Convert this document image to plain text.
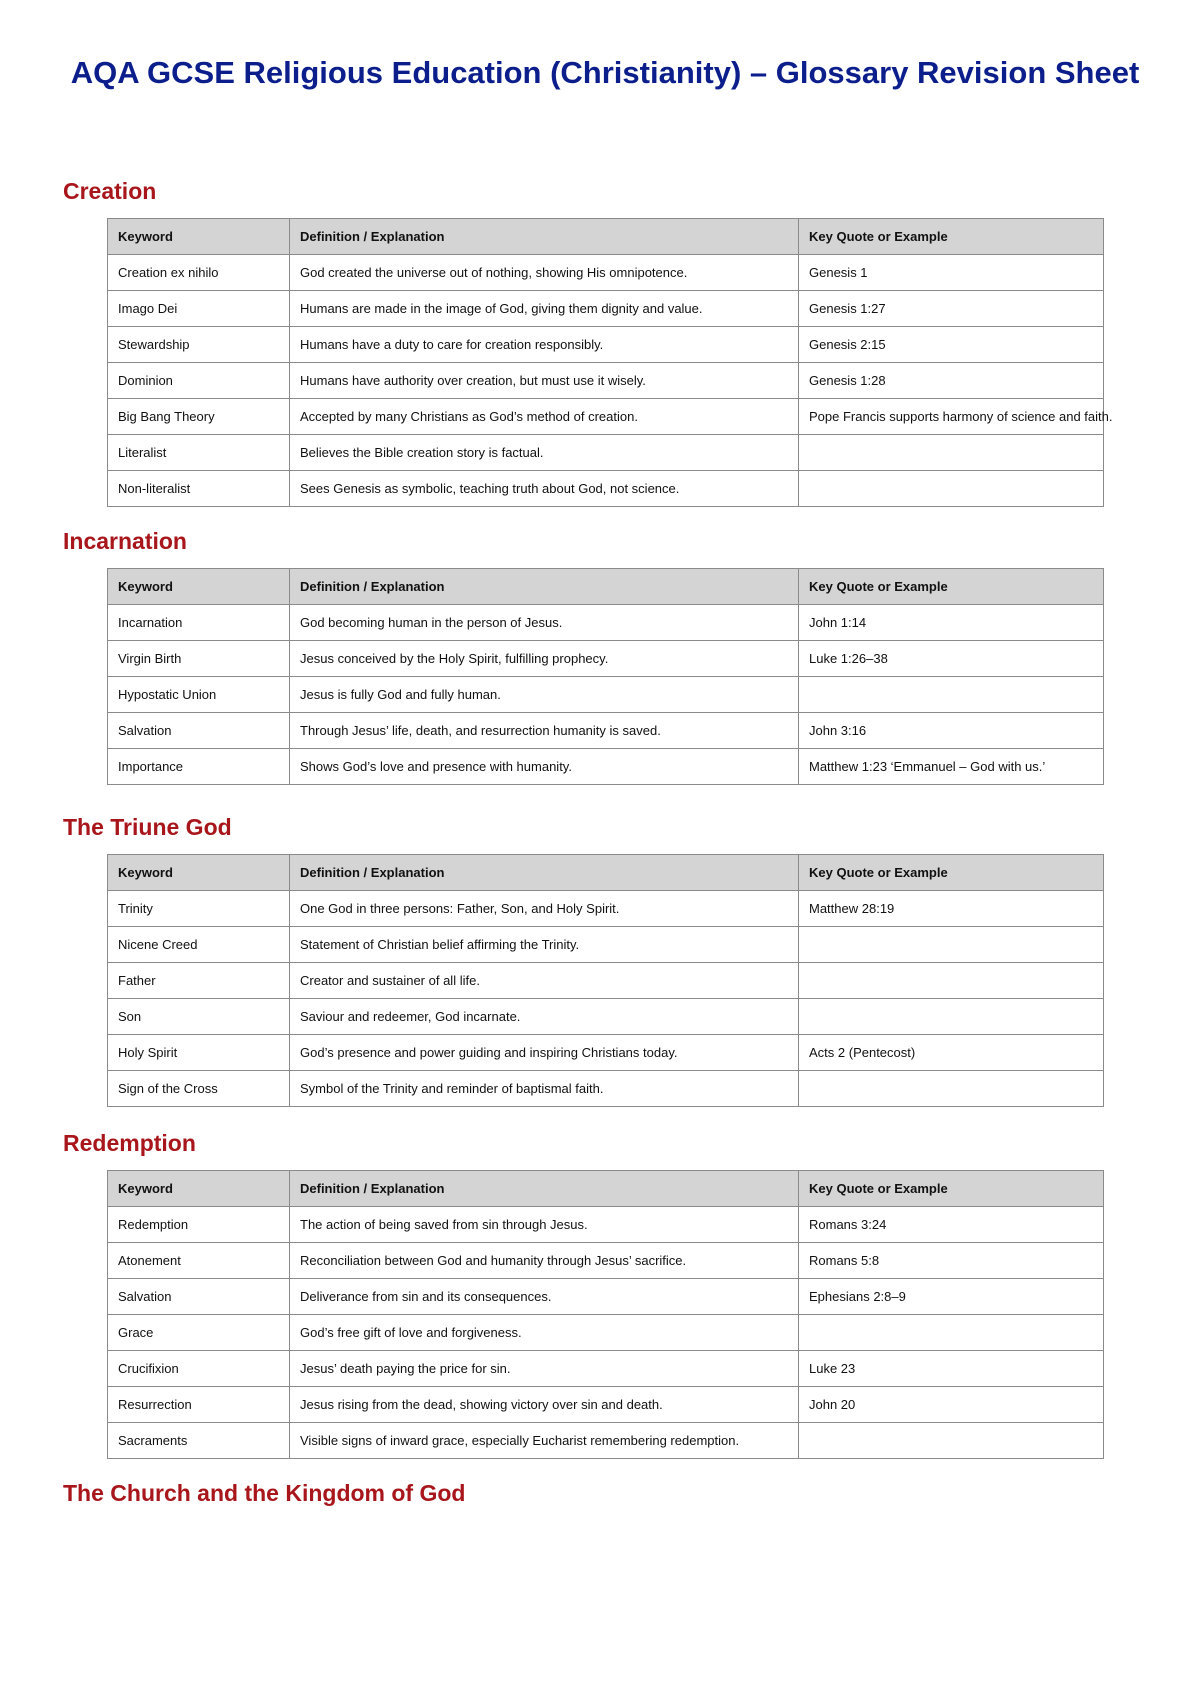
AQA GCSE Religious Education (Christianity) – Glossary Revision Sheet
Creation
Keyword	Definition / Explanation	Key Quote or Example
Creation ex nihilo	God created the universe out of nothing, showing His omnipotence.	Genesis 1
Imago Dei	Humans are made in the image of God, giving them dignity and value.	Genesis 1:27
Stewardship	Humans have a duty to care for creation responsibly.	Genesis 2:15
Dominion	Humans have authority over creation, but must use it wisely.	Genesis 1:28
Big Bang Theory	Accepted by many Christians as God’s method of creation.	Pope Francis supports harmony of science and faith.
Literalist	Believes the Bible creation story is factual.	
Non-literalist	Sees Genesis as symbolic, teaching truth about God, not science.	
Incarnation
Keyword	Definition / Explanation	Key Quote or Example
Incarnation	God becoming human in the person of Jesus.	John 1:14
Virgin Birth	Jesus conceived by the Holy Spirit, fulfilling prophecy.	Luke 1:26–38
Hypostatic Union	Jesus is fully God and fully human.	
Salvation	Through Jesus’ life, death, and resurrection humanity is saved.	John 3:16
Importance	Shows God’s love and presence with humanity.	Matthew 1:23 ‘Emmanuel – God with us.’
The Triune God
Keyword	Definition / Explanation	Key Quote or Example
Trinity	One God in three persons: Father, Son, and Holy Spirit.	Matthew 28:19
Nicene Creed	Statement of Christian belief affirming the Trinity.	
Father	Creator and sustainer of all life.	
Son	Saviour and redeemer, God incarnate.	
Holy Spirit	God’s presence and power guiding and inspiring Christians today.	Acts 2 (Pentecost)
Sign of the Cross	Symbol of the Trinity and reminder of baptismal faith.	
Redemption
Keyword	Definition / Explanation	Key Quote or Example
Redemption	The action of being saved from sin through Jesus.	Romans 3:24
Atonement	Reconciliation between God and humanity through Jesus’ sacrifice.	Romans 5:8
Salvation	Deliverance from sin and its consequences.	Ephesians 2:8–9
Grace	God’s free gift of love and forgiveness.	
Crucifixion	Jesus’ death paying the price for sin.	Luke 23
Resurrection	Jesus rising from the dead, showing victory over sin and death.	John 20
Sacraments	Visible signs of inward grace, especially Eucharist remembering redemption.	
The Church and the Kingdom of God
